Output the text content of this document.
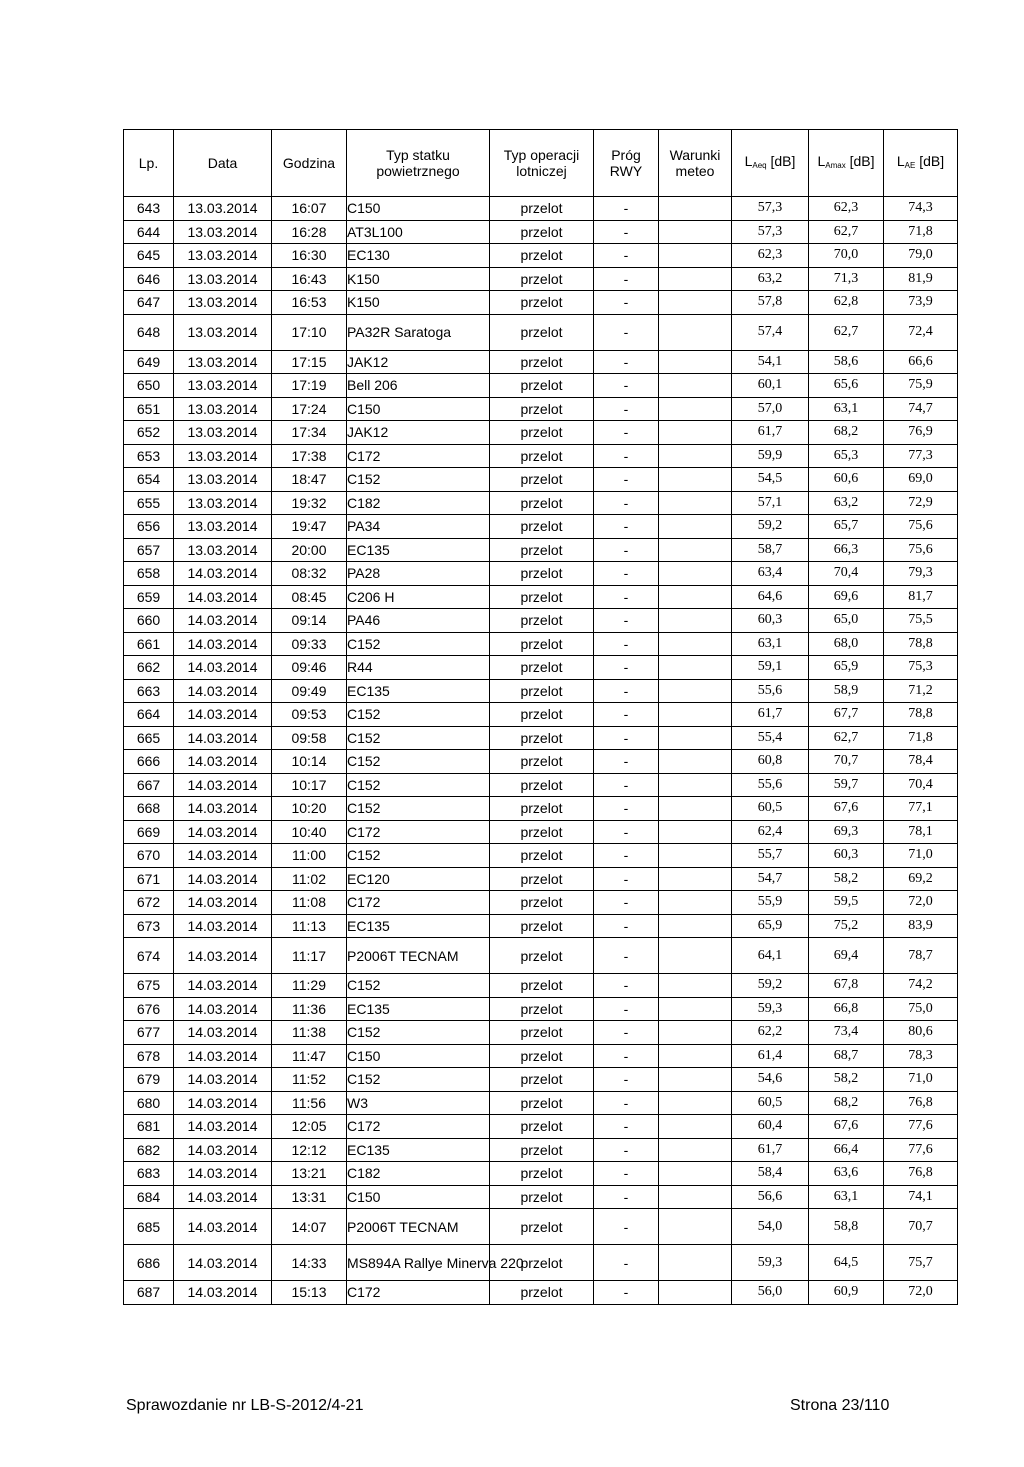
Lp.	Data	Godzina	Typ statku powietrznego	Typ operacji lotniczej	Próg RWY	Warunki meteo	$L_{Aeq}$ [dB]	$L_{Amax}$ [dB]	$L_{AE}$ [dB]
643	13.03.2014	16:07	C150	przelot	-		57,3	62,3	74,3
644	13.03.2014	16:28	AT3L100	przelot	-		57,3	62,7	71,8
645	13.03.2014	16:30	EC130	przelot	-		62,3	70,0	79,0
646	13.03.2014	16:43	K150	przelot	-		63,2	71,3	81,9
647	13.03.2014	16:53	K150	przelot	-		57,8	62,8	73,9
648	13.03.2014	17:10	PA32R Saratoga	przelot	-		57,4	62,7	72,4
649	13.03.2014	17:15	JAK12	przelot	-		54,1	58,6	66,6
650	13.03.2014	17:19	Bell 206	przelot	-		60,1	65,6	75,9
651	13.03.2014	17:24	C150	przelot	-		57,0	63,1	74,7
652	13.03.2014	17:34	JAK12	przelot	-		61,7	68,2	76,9
653	13.03.2014	17:38	C172	przelot	-		59,9	65,3	77,3
654	13.03.2014	18:47	C152	przelot	-		54,5	60,6	69,0
655	13.03.2014	19:32	C182	przelot	-		57,1	63,2	72,9
656	13.03.2014	19:47	PA34	przelot	-		59,2	65,7	75,6
657	13.03.2014	20:00	EC135	przelot	-		58,7	66,3	75,6
658	14.03.2014	08:32	PA28	przelot	-		63,4	70,4	79,3
659	14.03.2014	08:45	C206 H	przelot	-		64,6	69,6	81,7
660	14.03.2014	09:14	PA46	przelot	-		60,3	65,0	75,5
661	14.03.2014	09:33	C152	przelot	-		63,1	68,0	78,8
662	14.03.2014	09:46	R44	przelot	-		59,1	65,9	75,3
663	14.03.2014	09:49	EC135	przelot	-		55,6	58,9	71,2
664	14.03.2014	09:53	C152	przelot	-		61,7	67,7	78,8
665	14.03.2014	09:58	C152	przelot	-		55,4	62,7	71,8
666	14.03.2014	10:14	C152	przelot	-		60,8	70,7	78,4
667	14.03.2014	10:17	C152	przelot	-		55,6	59,7	70,4
668	14.03.2014	10:20	C152	przelot	-		60,5	67,6	77,1
669	14.03.2014	10:40	C172	przelot	-		62,4	69,3	78,1
670	14.03.2014	11:00	C152	przelot	-		55,7	60,3	71,0
671	14.03.2014	11:02	EC120	przelot	-		54,7	58,2	69,2
672	14.03.2014	11:08	C172	przelot	-		55,9	59,5	72,0
673	14.03.2014	11:13	EC135	przelot	-		65,9	75,2	83,9
674	14.03.2014	11:17	P2006T TECNAM	przelot	-		64,1	69,4	78,7
675	14.03.2014	11:29	C152	przelot	-		59,2	67,8	74,2
676	14.03.2014	11:36	EC135	przelot	-		59,3	66,8	75,0
677	14.03.2014	11:38	C152	przelot	-		62,2	73,4	80,6
678	14.03.2014	11:47	C150	przelot	-		61,4	68,7	78,3
679	14.03.2014	11:52	C152	przelot	-		54,6	58,2	71,0
680	14.03.2014	11:56	W3	przelot	-		60,5	68,2	76,8
681	14.03.2014	12:05	C172	przelot	-		60,4	67,6	77,6
682	14.03.2014	12:12	EC135	przelot	-		61,7	66,4	77,6
683	14.03.2014	13:21	C182	przelot	-		58,4	63,6	76,8
684	14.03.2014	13:31	C150	przelot	-		56,6	63,1	74,1
685	14.03.2014	14:07	P2006T TECNAM	przelot	-		54,0	58,8	70,7
686	14.03.2014	14:33	MS894A Rallye Minerva 220	przelot	-		59,3	64,5	75,7
687	14.03.2014	15:13	C172	przelot	-		56,0	60,9	72,0
Sprawozdanie nr LB-S-2012/4-21	Strona 23/110
